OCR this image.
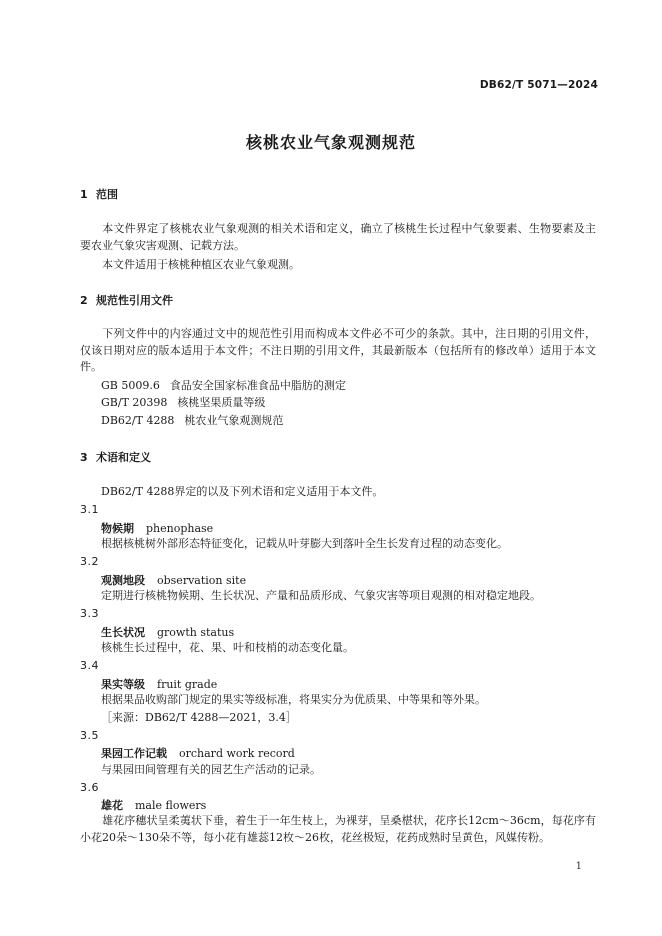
DB62/T 5071—2024
核桃农业气象观测规范
1 范围
本文件界定了核桃农业气象观测的相关术语和定义，确立了核桃生长过程中气象要素、生物要素及主要农业气象灾害观测、记载方法。
本文件适用于核桃种植区农业气象观测。
2 规范性引用文件
下列文件中的内容通过文中的规范性引用而构成本文件必不可少的条款。其中，注日期的引用文件，仅该日期对应的版本适用于本文件；不注日期的引用文件，其最新版本（包括所有的修改单）适用于本文件。
GB 5009.6 食品安全国家标准食品中脂肪的测定
GB/T 20398 核桃坚果质量等级
DB62/T 4288 桃农业气象观测规范
3 术语和定义
DB62/T 4288界定的以及下列术语和定义适用于本文件。
3.1
物候期 phenophase
根据核桃树外部形态特征变化，记载从叶芽膨大到落叶全生长发育过程的动态变化。
3.2
观测地段 observation site
定期进行核桃物候期、生长状况、产量和品质形成、气象灾害等项目观测的相对稳定地段。
3.3
生长状况 growth status
核桃生长过程中，花、果、叶和枝梢的动态变化量。
3.4
果实等级 fruit grade
根据果品收购部门规定的果实等级标准，将果实分为优质果、中等果和等外果。
［来源：DB62/T 4288—2021，3.4］
3.5
果园工作记载 orchard work record
与果园田间管理有关的园艺生产活动的记录。
3.6
雄花 male flowers
雄花序穗状呈柔荑状下垂，着生于一年生枝上，为裸芽，呈桑椹状，花序长12cm～36cm，每花序有小花20朵～130朵不等，每小花有雄蕊12枚～26枚，花丝极短，花药成熟时呈黄色，风媒传粉。
1
